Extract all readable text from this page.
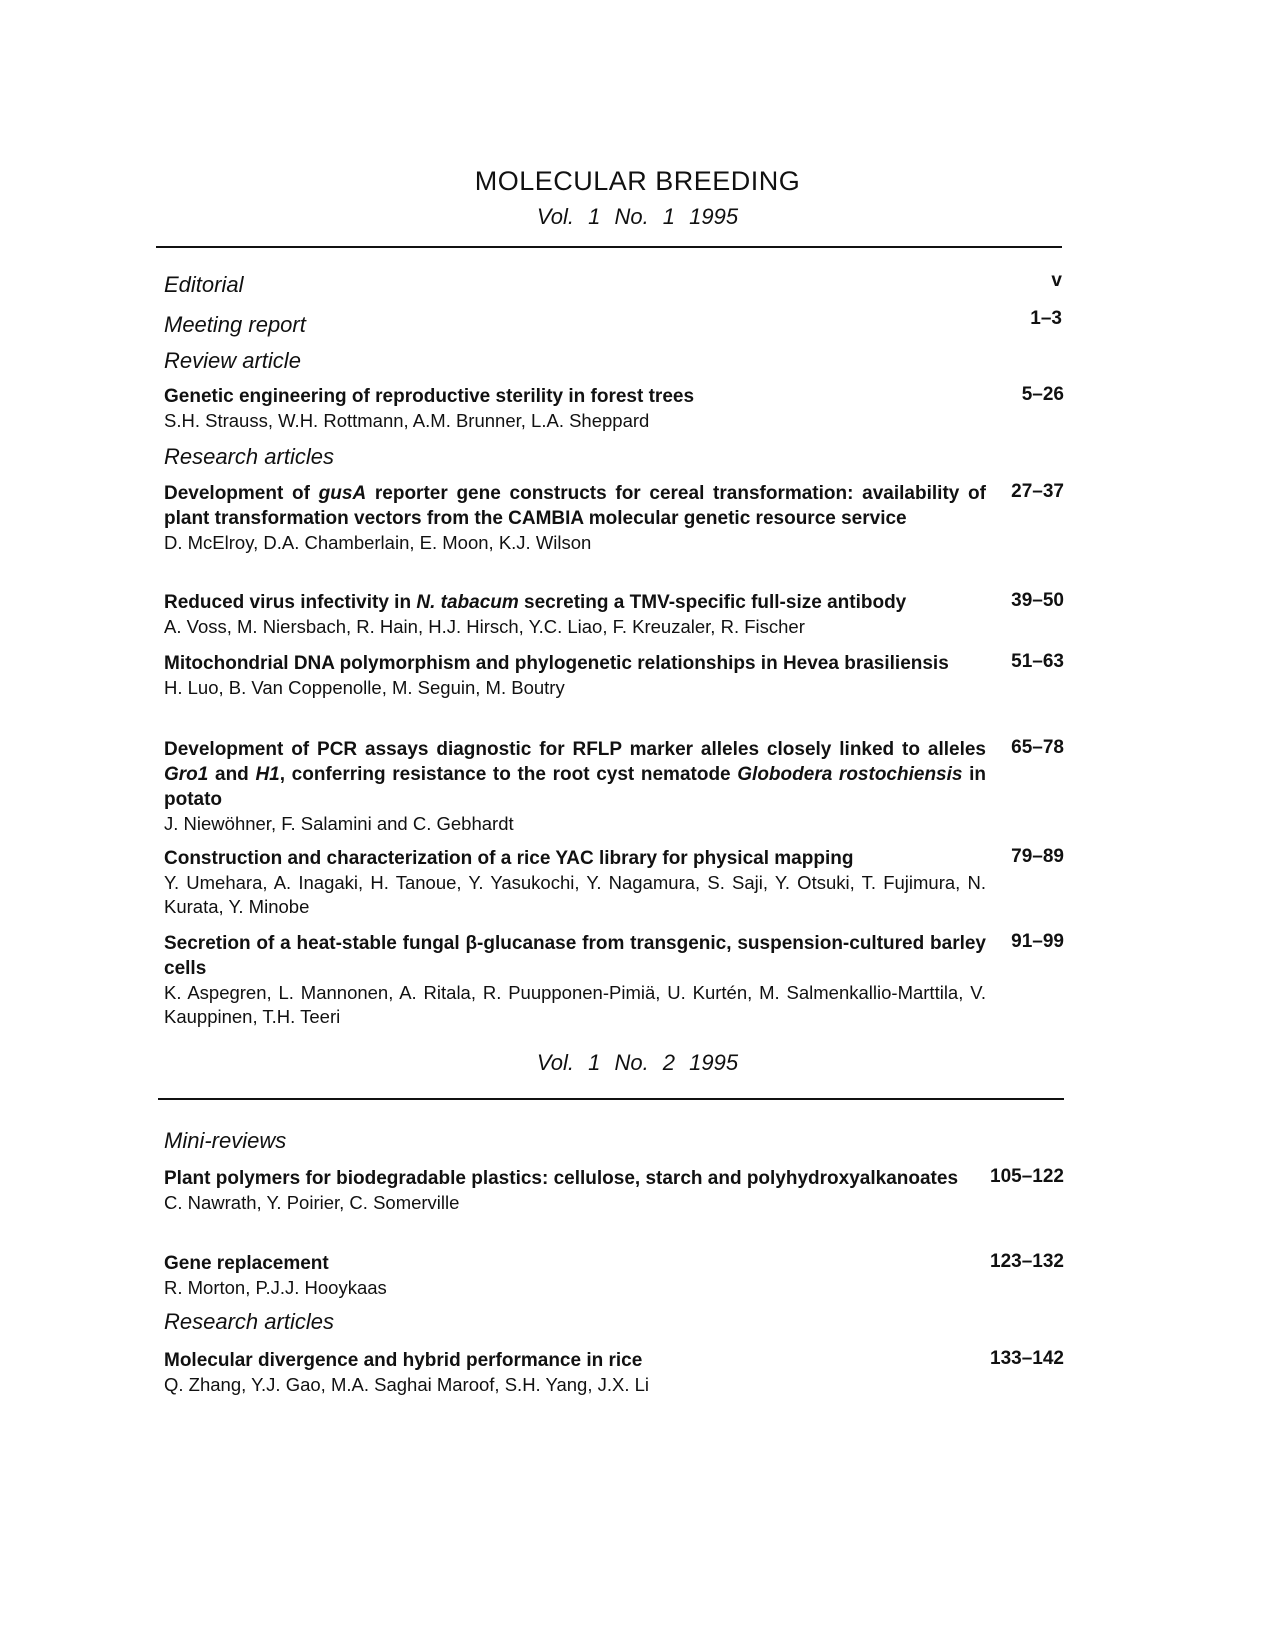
MOLECULAR BREEDING
Vol. 1 No. 1 1995
Editorial	v
Meeting report	1–3
Review article

Genetic engineering of reproductive sterility in forest trees

S.H. Strauss, W.H. Rottmann, A.M. Brunner, L.A. Sheppard

5–26
Research articles

Development of gusA reporter gene constructs for cereal transformation: availability of plant transformation vectors from the CAMBIA molecular genetic resource service

D. McElroy, D.A. Chamberlain, E. Moon, K.J. Wilson

27–37

Reduced virus infectivity in N. tabacum secreting a TMV-specific full-size antibody

A. Voss, M. Niersbach, R. Hain, H.J. Hirsch, Y.C. Liao, F. Kreuzaler, R. Fischer

39–50

Mitochondrial DNA polymorphism and phylogenetic relationships in Hevea brasiliensis

H. Luo, B. Van Coppenolle, M. Seguin, M. Boutry

51–63

Development of PCR assays diagnostic for RFLP marker alleles closely linked to alleles Gro1 and H1, conferring resistance to the root cyst nematode Globodera rostochiensis in potato

J. Niewöhner, F. Salamini and C. Gebhardt

65–78

Construction and characterization of a rice YAC library for physical mapping

Y. Umehara, A. Inagaki, H. Tanoue, Y. Yasukochi, Y. Nagamura, S. Saji, Y. Otsuki, T. Fujimura, N. Kurata, Y. Minobe

79–89

Secretion of a heat-stable fungal β-glucanase from transgenic, suspension-cultured barley cells

K. Aspegren, L. Mannonen, A. Ritala, R. Puupponen-Pimiä, U. Kurtén, M. Salmenkallio-Marttila, V. Kauppinen, T.H. Teeri

91–99
Vol. 1 No. 2 1995
Mini-reviews

Plant polymers for biodegradable plastics: cellulose, starch and polyhydroxyalkanoates

C. Nawrath, Y. Poirier, C. Somerville

105–122

Gene replacement

R. Morton, P.J.J. Hooykaas

123–132
Research articles

Molecular divergence and hybrid performance in rice

Q. Zhang, Y.J. Gao, M.A. Saghai Maroof, S.H. Yang, J.X. Li

133–142
